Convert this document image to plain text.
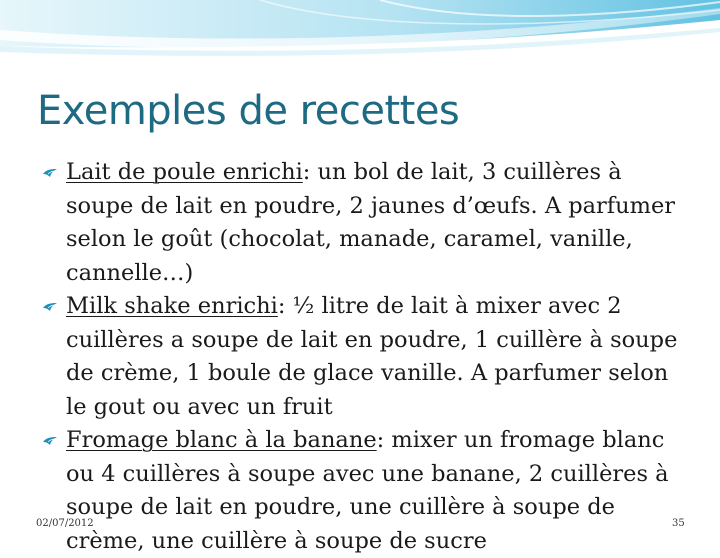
Exemples de recettes
Lait de poule enrichi: un bol de lait, 3 cuillères à soupe de lait en poudre, 2 jaunes d’œufs. A parfumer selon le goût (chocolat, manade, caramel, vanille, cannelle…)
Milk shake enrichi: ½ litre de lait à mixer avec 2 cuillères a soupe de lait en poudre, 1 cuillère à soupe de crème, 1 boule de glace vanille. A parfumer selon le gout ou avec un fruit
Fromage blanc à la banane: mixer un fromage blanc ou 4 cuillères à soupe avec une banane, 2 cuillères à soupe de lait en poudre, une cuillère à soupe de crème, une cuillère à soupe de sucre
02/07/2012	35
